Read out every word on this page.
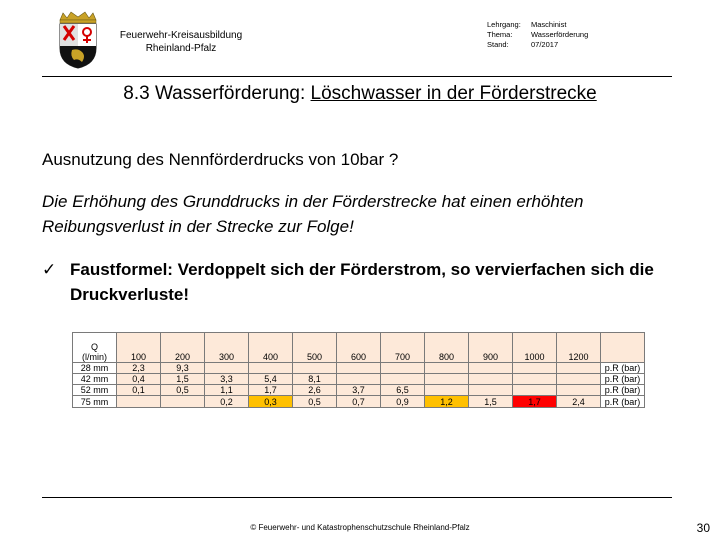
Feuerwehr-Kreisausbildung
Rheinland-Pfalz
Lehrgang:	Maschinist
Thema:	Wasserförderung
Stand:	07/2017
8.3 Wasserförderung: Löschwasser in der Förderstrecke
Ausnutzung des Nennförderdrucks von 10bar ?
Die Erhöhung des Grunddrucks in der Förderstrecke hat einen erhöhten Reibungsverlust in der Strecke zur Folge!
✓ Faustformel: Verdoppelt sich der Förderstrom, so vervierfachen sich die Druckverluste!
Q
(l/min)	100	200	300	400	500	600	700	800	900	1000	1200	
28 mm	2,3	9,3										p.R (bar)
42 mm	0,4	1,5	3,3	5,4	8,1							p.R (bar)
52 mm	0,1	0,5	1,1	1,7	2,6	3,7	6,5					p.R (bar)
75 mm			0,2	0,3	0,5	0,7	0,9	1,2	1,5	1,7	2,4	p.R (bar)
© Feuerwehr- und Katastrophenschutzschule Rheinland-Pfalz	30
